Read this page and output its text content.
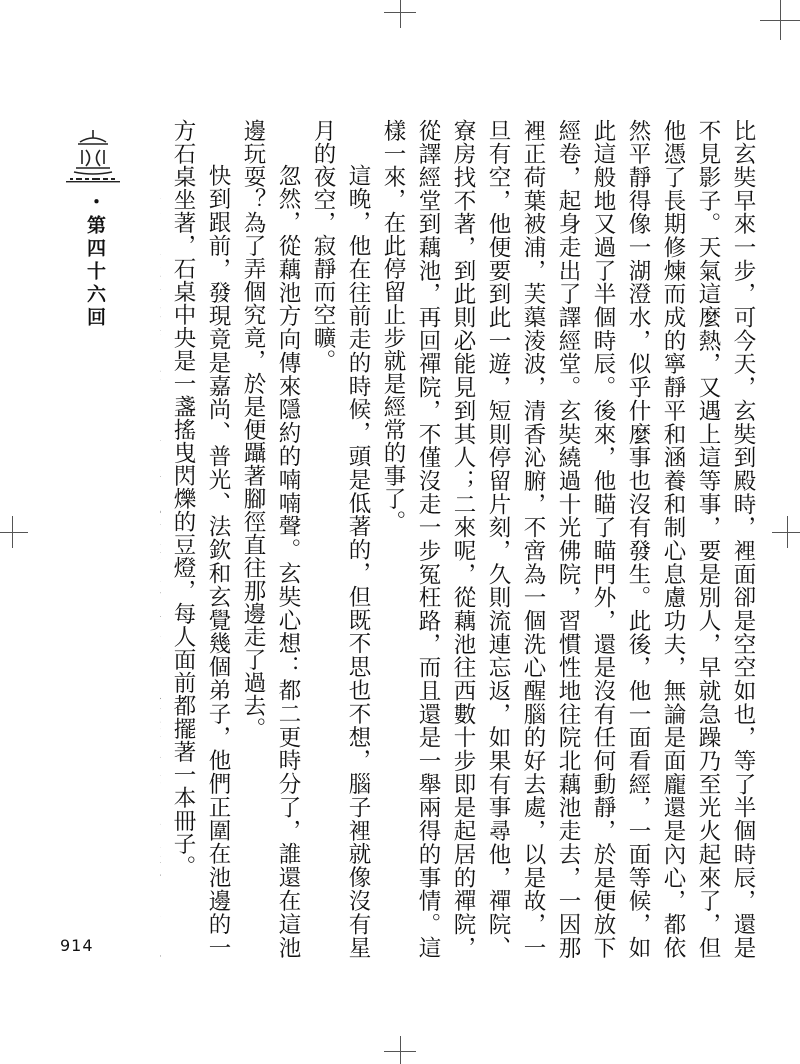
・第四十六回
914	比玄奘早來一步，可今天，玄奘到殿時，裡面卻是空空如也，等了半個時辰，還是不見影子。天氣這麼熱，又遇上這等事，要是別人，早就急躁乃至光火起來了，但他憑了長期修煉而成的寧靜平和涵養和制心息慮功夫，無論是面龐還是內心，都依然平靜得像一湖澄水，似乎什麼事也沒有發生。此後，他一面看經，一面等候，如此這般地又過了半個時辰。後來，他瞄了瞄門外，還是沒有任何動靜，於是便放下經卷，起身走出了譯經堂。玄奘繞過十光佛院，習慣性地往院北藕池走去，一因那裡正荷葉被浦，芙蕖淩波，清香沁腑，不啻為一個洗心醒腦的好去處，以是故，一旦有空，他便要到此一遊，短則停留片刻，久則流連忘返，如果有事尋他，禪院、寮房找不著，到此則必能見到其人；二來呢，從藕池往西數十步即是起居的禪院，從譯經堂到藕池，再回禪院，不僅沒走一步冤枉路，而且還是一舉兩得的事情。這樣一來，在此停留止步就是經常的事了。

這晚，他在往前走的時候，頭是低著的，但既不思也不想，腦子裡就像沒有星月的夜空，寂靜而空曠。

忽然，從藕池方向傳來隱約的喃喃聲。玄奘心想：都二更時分了，誰還在這池邊玩耍？為了弄個究竟，於是便躡著腳徑直往那邊走了過去。

快到跟前，發現竟是嘉尚、普光、法欽和玄覺幾個弟子，他們正圍在池邊的一方石桌坐著，石桌中央是一盞搖曳閃爍的豆燈，每人面前都擺著一本冊子。
